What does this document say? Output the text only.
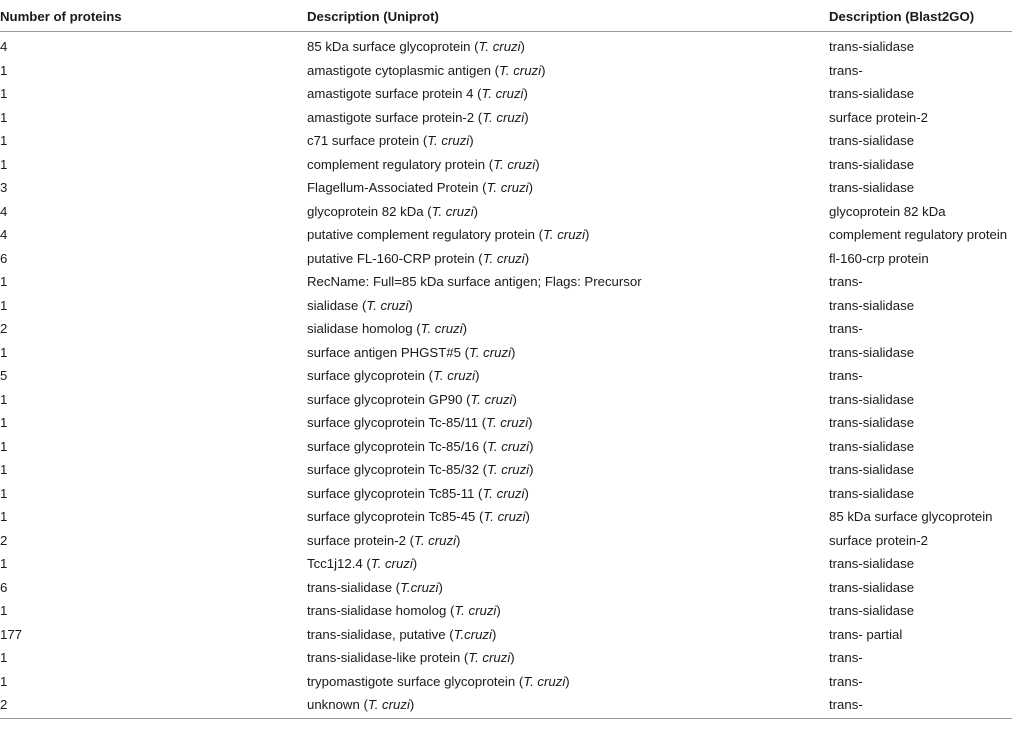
Number of proteins	Description (Uniprot)	Description (Blast2GO)
4	85 kDa surface glycoprotein (T. cruzi)	trans-sialidase
1	amastigote cytoplasmic antigen (T. cruzi)	trans-
1	amastigote surface protein 4 (T. cruzi)	trans-sialidase
1	amastigote surface protein-2 (T. cruzi)	surface protein-2
1	c71 surface protein (T. cruzi)	trans-sialidase
1	complement regulatory protein (T. cruzi)	trans-sialidase
3	Flagellum-Associated Protein (T. cruzi)	trans-sialidase
4	glycoprotein 82 kDa (T. cruzi)	glycoprotein 82 kDa
4	putative complement regulatory protein (T. cruzi)	complement regulatory protein
6	putative FL-160-CRP protein (T. cruzi)	fl-160-crp protein
1	RecName: Full=85 kDa surface antigen; Flags: Precursor	trans-
1	sialidase (T. cruzi)	trans-sialidase
2	sialidase homolog (T. cruzi)	trans-
1	surface antigen PHGST#5 (T. cruzi)	trans-sialidase
5	surface glycoprotein (T. cruzi)	trans-
1	surface glycoprotein GP90 (T. cruzi)	trans-sialidase
1	surface glycoprotein Tc-85/11 (T. cruzi)	trans-sialidase
1	surface glycoprotein Tc-85/16 (T. cruzi)	trans-sialidase
1	surface glycoprotein Tc-85/32 (T. cruzi)	trans-sialidase
1	surface glycoprotein Tc85-11 (T. cruzi)	trans-sialidase
1	surface glycoprotein Tc85-45 (T. cruzi)	85 kDa surface glycoprotein
2	surface protein-2 (T. cruzi)	surface protein-2
1	Tcc1j12.4 (T. cruzi)	trans-sialidase
6	trans-sialidase (T.cruzi)	trans-sialidase
1	trans-sialidase homolog (T. cruzi)	trans-sialidase
177	trans-sialidase, putative (T.cruzi)	trans- partial
1	trans-sialidase-like protein (T. cruzi)	trans-
1	trypomastigote surface glycoprotein (T. cruzi)	trans-
2	unknown (T. cruzi)	trans-
